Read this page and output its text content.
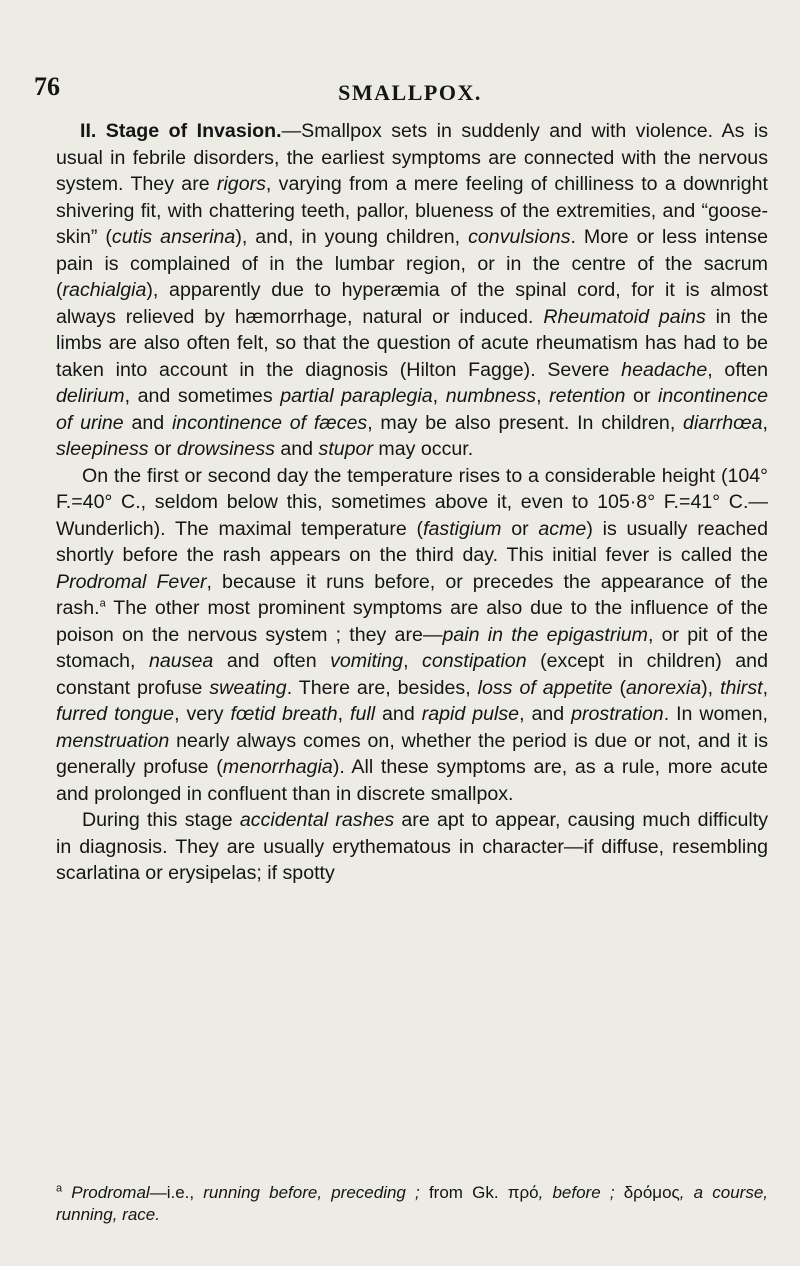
76	SMALLPOX.

II. Stage of Invasion.—Smallpox sets in suddenly and with violence. As is usual in febrile disorders, the earliest symptoms are connected with the nervous system. They are rigors, varying from a mere feeling of chilliness to a downright shivering fit, with chattering teeth, pallor, blueness of the extremities, and “goose-skin” (cutis anserina), and, in young children, convulsions. More or less intense pain is complained of in the lumbar region, or in the centre of the sacrum (rachialgia), apparently due to hyperæmia of the spinal cord, for it is almost always relieved by hæmorrhage, natural or induced. Rheumatoid pains in the limbs are also often felt, so that the question of acute rheumatism has had to be taken into account in the diagnosis (Hilton Fagge). Severe headache, often delirium, and sometimes partial paraplegia, numbness, retention or incontinence of urine and incontinence of fæces, may be also present. In children, diarrhœa, sleepiness or drowsiness and stupor may occur.

On the first or second day the temperature rises to a considerable height (104° F.=40° C., seldom below this, sometimes above it, even to 105·8° F.=41° C.—Wunderlich). The maximal temperature (fastigium or acme) is usually reached shortly before the rash appears on the third day. This initial fever is called the Prodromal Fever, because it runs before, or precedes the appearance of the rash.$^a$ The other most prominent symptoms are also due to the influence of the poison on the nervous system ; they are—pain in the epigastrium, or pit of the stomach, nausea and often vomiting, constipation (except in children) and constant profuse sweating. There are, besides, loss of appetite (anorexia), thirst, furred tongue, very fœtid breath, full and rapid pulse, and prostration. In women, menstruation nearly always comes on, whether the period is due or not, and it is generally profuse (menorrhagia). All these symptoms are, as a rule, more acute and prolonged in confluent than in discrete smallpox.

During this stage accidental rashes are apt to appear, causing much difficulty in diagnosis. They are usually erythematous in character—if diffuse, resembling scarlatina or erysipelas; if spotty

$^a$ Prodromal—i.e., running before, preceding ; from Gk. πρό, before ; δρόμος, a course, running, race.
